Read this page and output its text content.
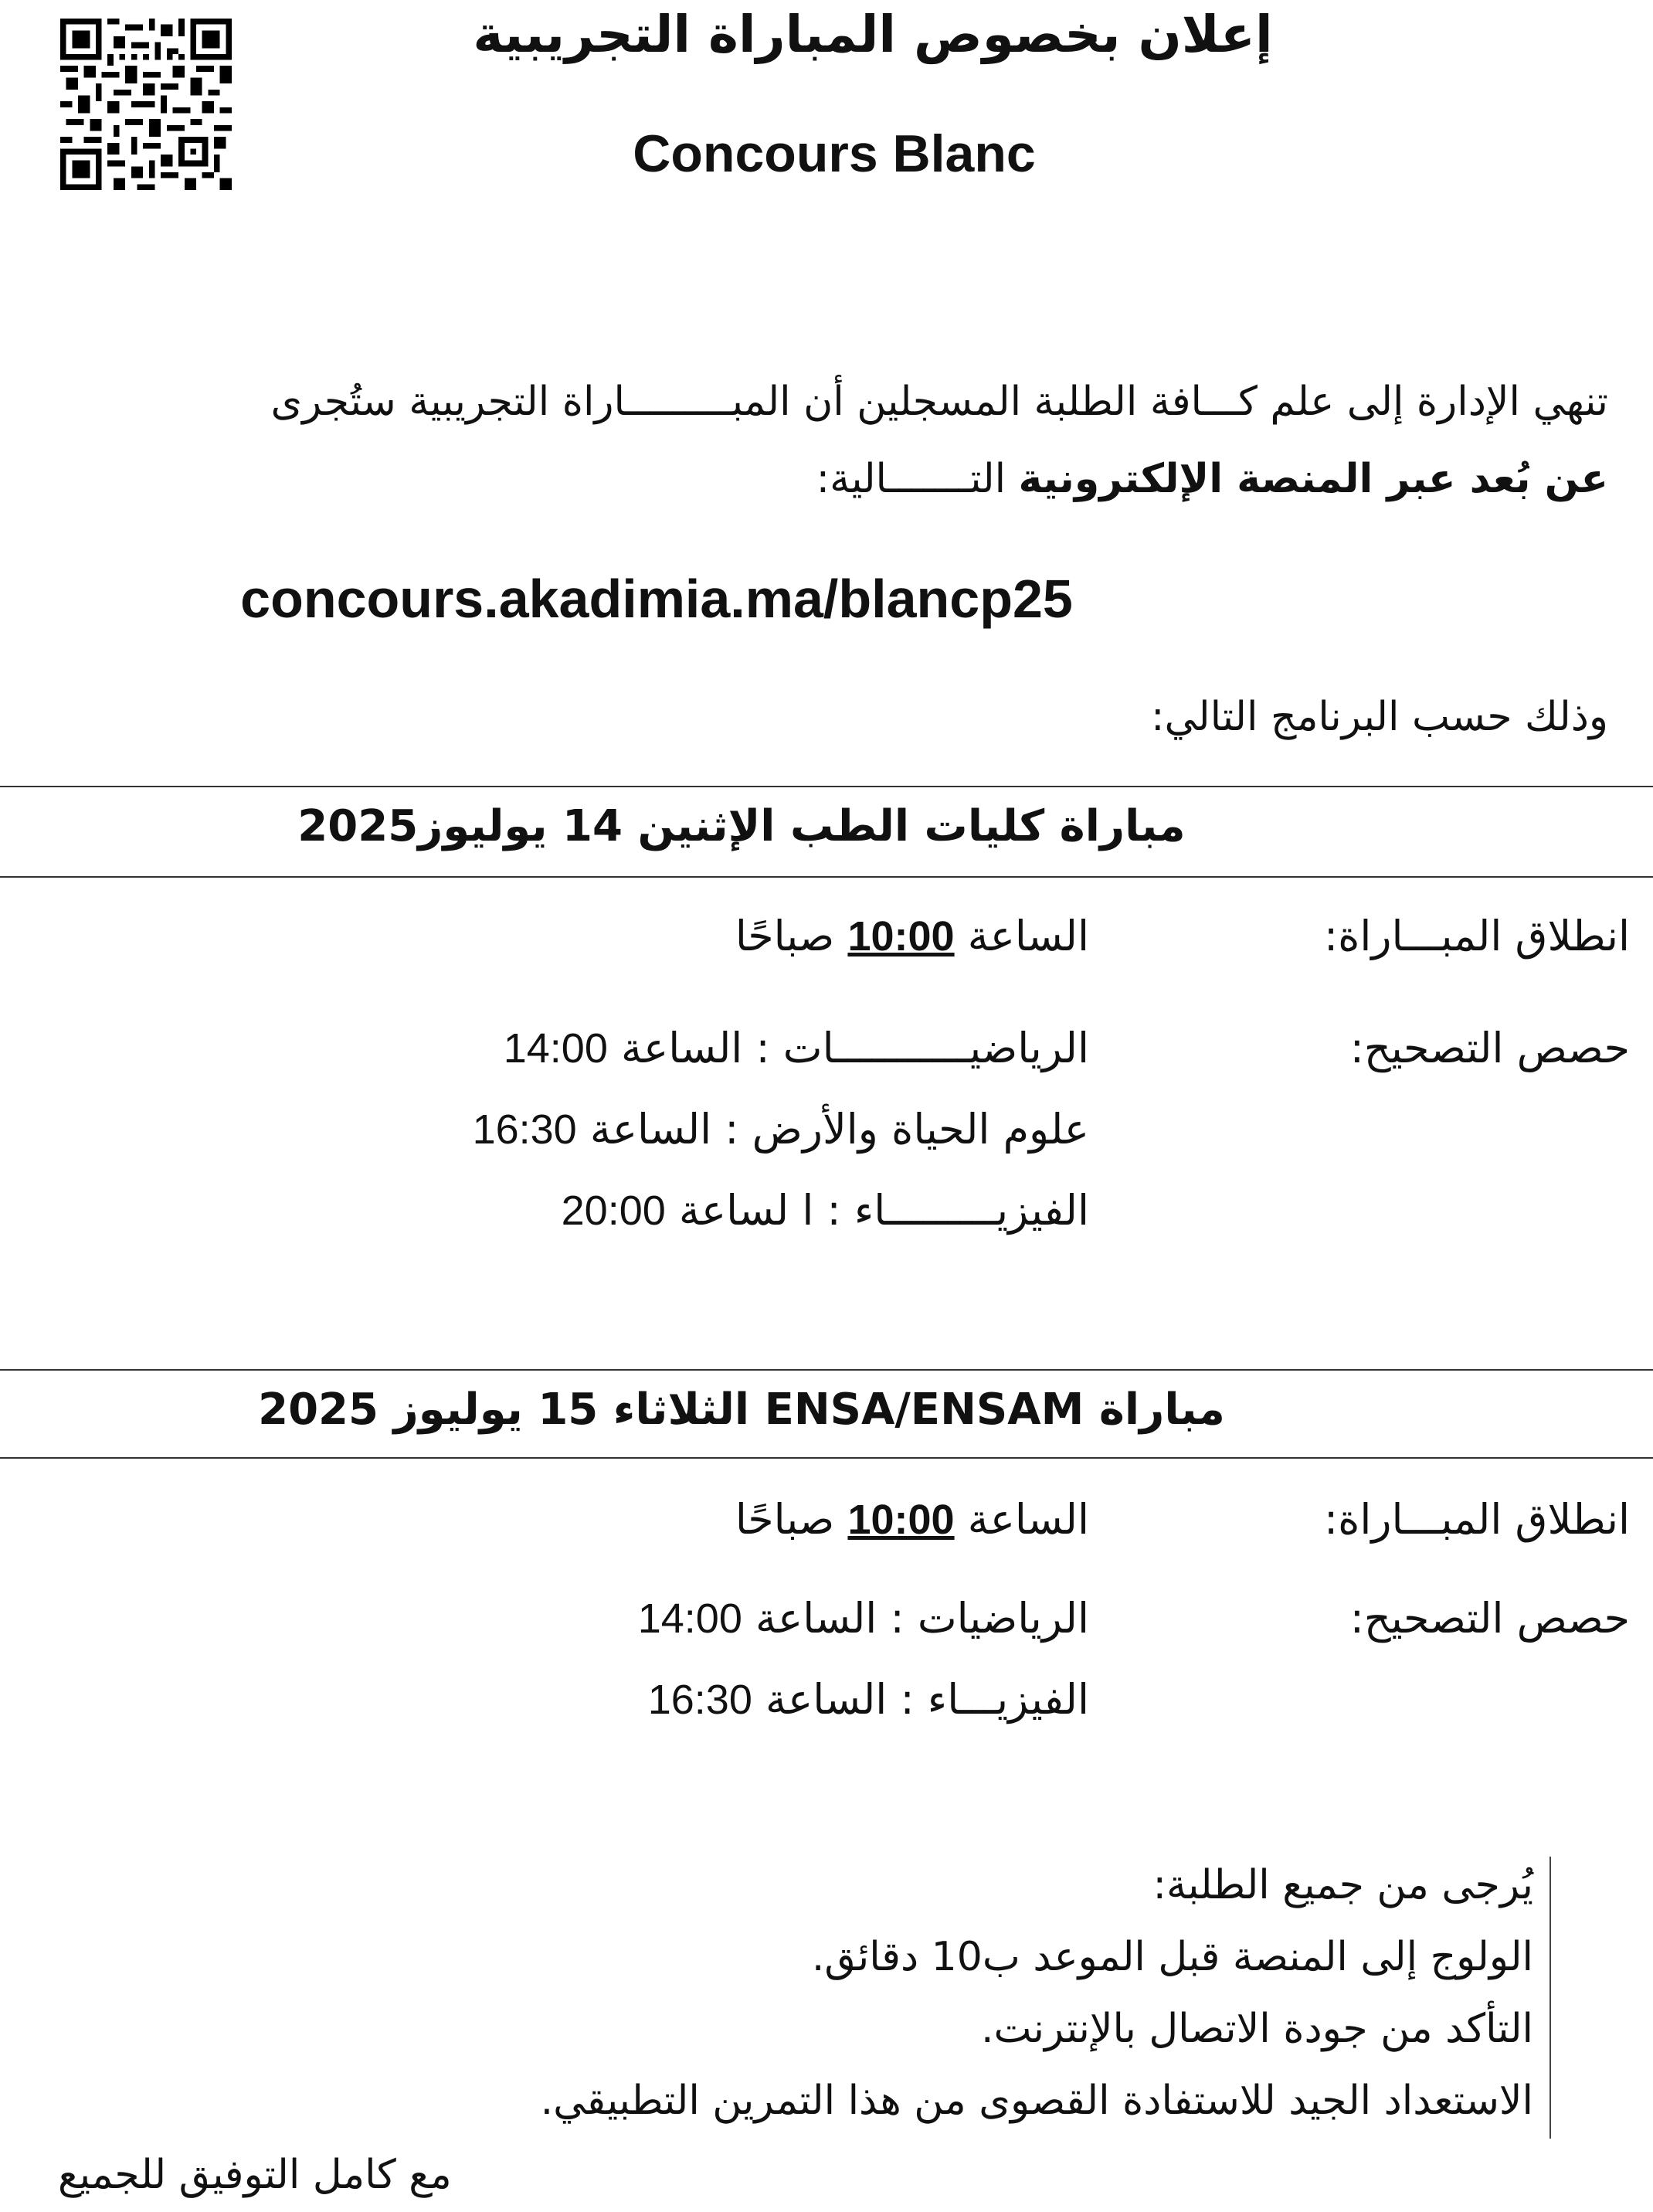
إعلان بخصوص المباراة التجريبية
Concours Blanc
تنهي الإدارة إلى علم كـــافة الطلبة المسجلين أن المبـــــــــاراة التجريبية ستُجرى
عن بُعد عبر المنصة الإلكترونية التـــــــالية:
concours.akadimia.ma/blancp25
وذلك حسب البرنامج التالي:
مباراة كليات الطب الإثنين 14 يوليوز2025
انطلاق المبـــاراة:
الساعة 10:00 صباحًا
حصص التصحيح:
الرياضيـــــــــــات : الساعة 14:00
علوم الحياة والأرض : الساعة 16:30
الفيزيـــــــــاء : ا لساعة 20:00
مباراة ENSA/ENSAM الثلاثاء 15 يوليوز 2025
انطلاق المبـــاراة:
الساعة 10:00 صباحًا
حصص التصحيح:
الرياضيات : الساعة 14:00
الفيزيـــاء : الساعة 16:30
يُرجى من جميع الطلبة:
الولوج إلى المنصة قبل الموعد ب10 دقائق.
التأكد من جودة الاتصال بالإنترنت.
الاستعداد الجيد للاستفادة القصوى من هذا التمرين التطبيقي.
مع كامل التوفيق للجميع
